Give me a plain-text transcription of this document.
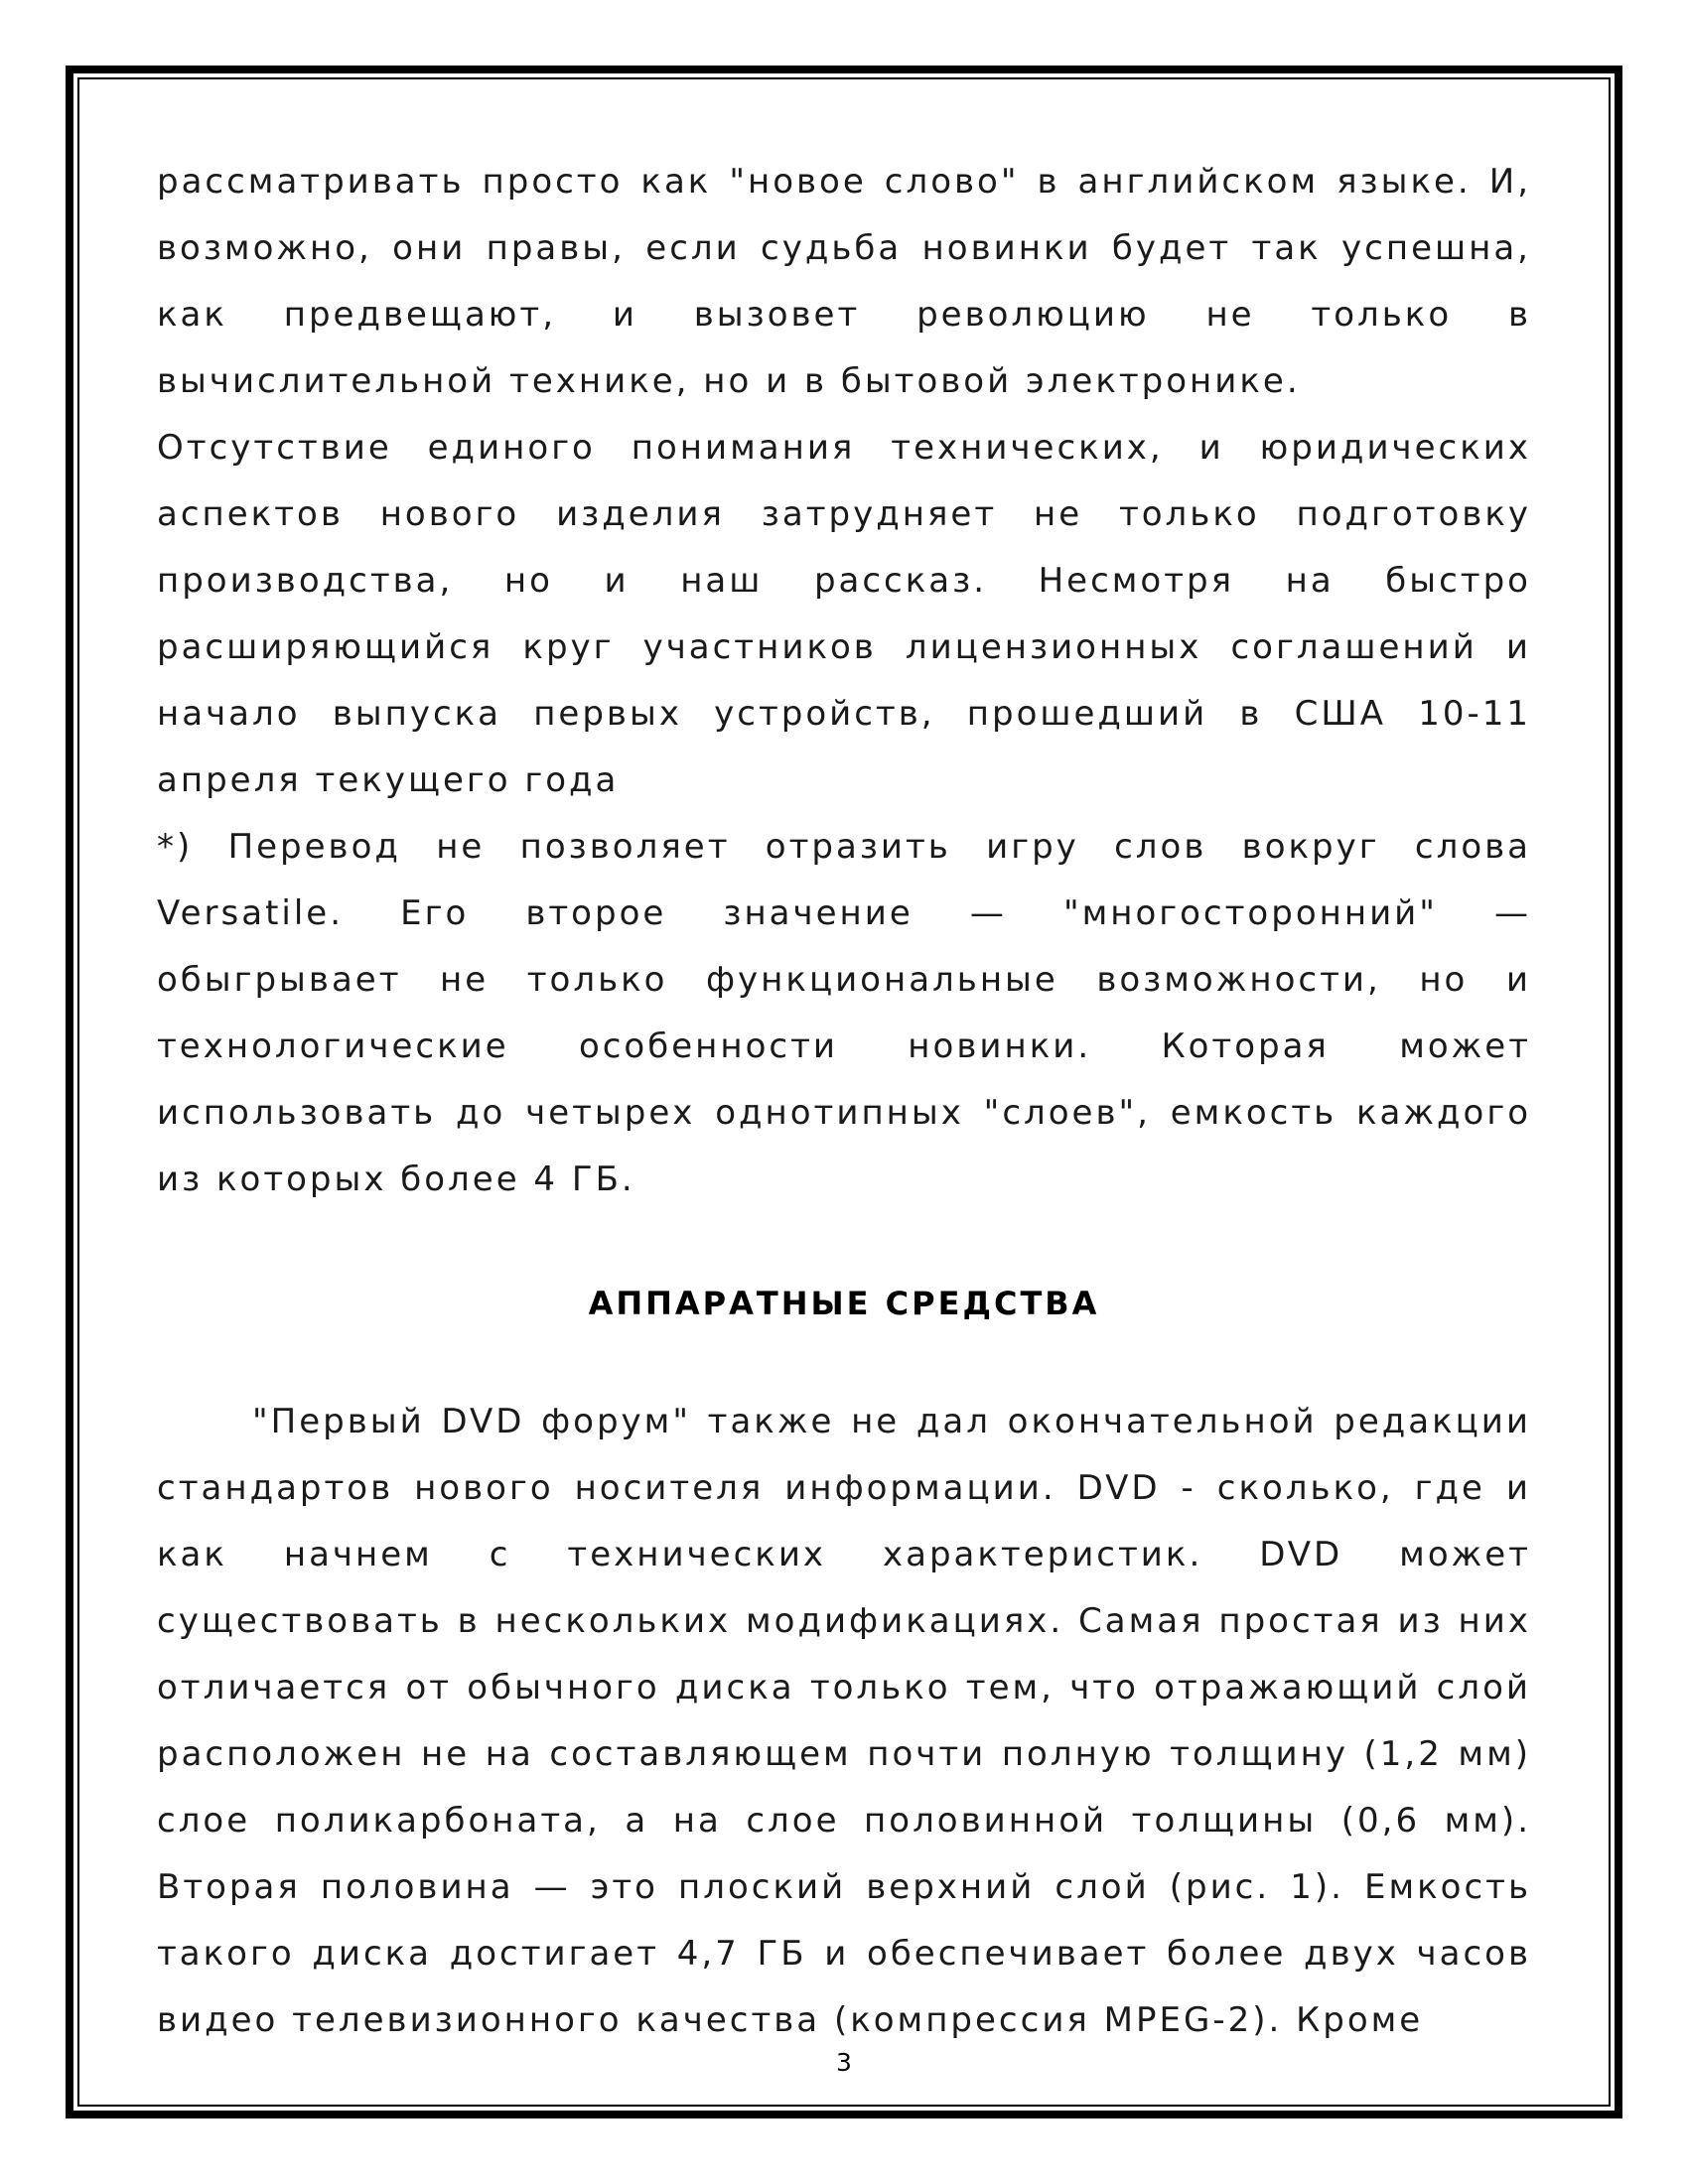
рассматривать просто как "новое слово" в английском языке. И, возможно, они правы, если судьба новинки будет так успешна, как предвещают, и вызовет революцию не только в вычислительной технике, но и в бытовой электронике.

Отсутствие единого понимания технических, и юридических аспектов нового изделия затрудняет не только подготовку производства, но и наш рассказ. Несмотря на быстро расширяющийся круг участников лицензионных соглашений и начало выпуска первых устройств, прошедший в США 10-11 апреля текущего года

*) Перевод не позволяет отразить игру слов вокруг слова Versatile. Его второе значение — "многосторонний" — обыгрывает не только функциональные возможности, но и технологические особенности новинки. Которая может использовать до четырех однотипных "слоев", емкость каждого из которых более 4 ГБ.

АППАРАТНЫЕ СРЕДСТВА

"Первый DVD форум" также не дал окончательной редакции стандартов нового носителя информации. DVD - сколько, где и как начнем с технических характеристик. DVD может существовать в нескольких модификациях. Самая простая из них отличается от обычного диска только тем, что отражающий слой расположен не на составляющем почти полную толщину (1,2 мм) слое поликарбоната, а на слое половинной толщины (0,6 мм). Вторая половина — это плоский верхний слой (рис. 1). Емкость такого диска достигает 4,7 ГБ и обеспечивает более двух часов видео телевизионного качества (компрессия MPEG-2). Кроме

3
